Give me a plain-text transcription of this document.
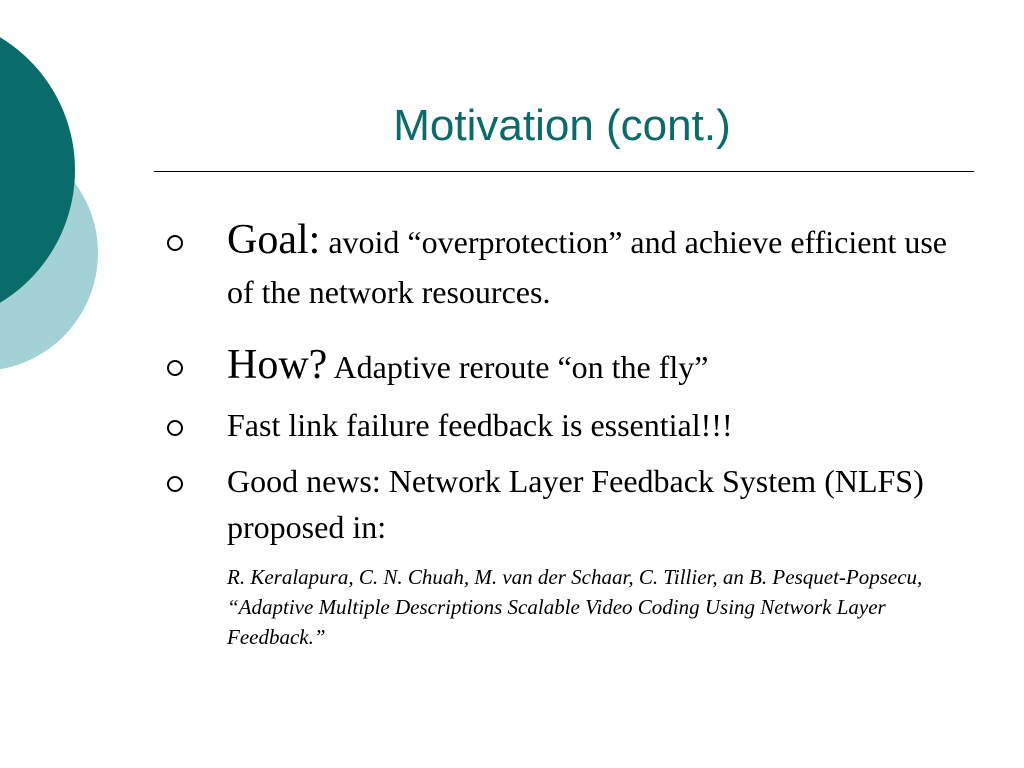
Motivation (cont.)
Goal: avoid “overprotection” and achieve efficient use of the network resources.
How? Adaptive reroute “on the fly”
Fast link failure feedback is essential!!!
Good news: Network Layer Feedback System (NLFS) proposed in:
R. Keralapura, C. N. Chuah, M. van der Schaar, C. Tillier, an B. Pesquet-Popsecu, “Adaptive Multiple Descriptions Scalable Video Coding Using Network Layer Feedback.”
